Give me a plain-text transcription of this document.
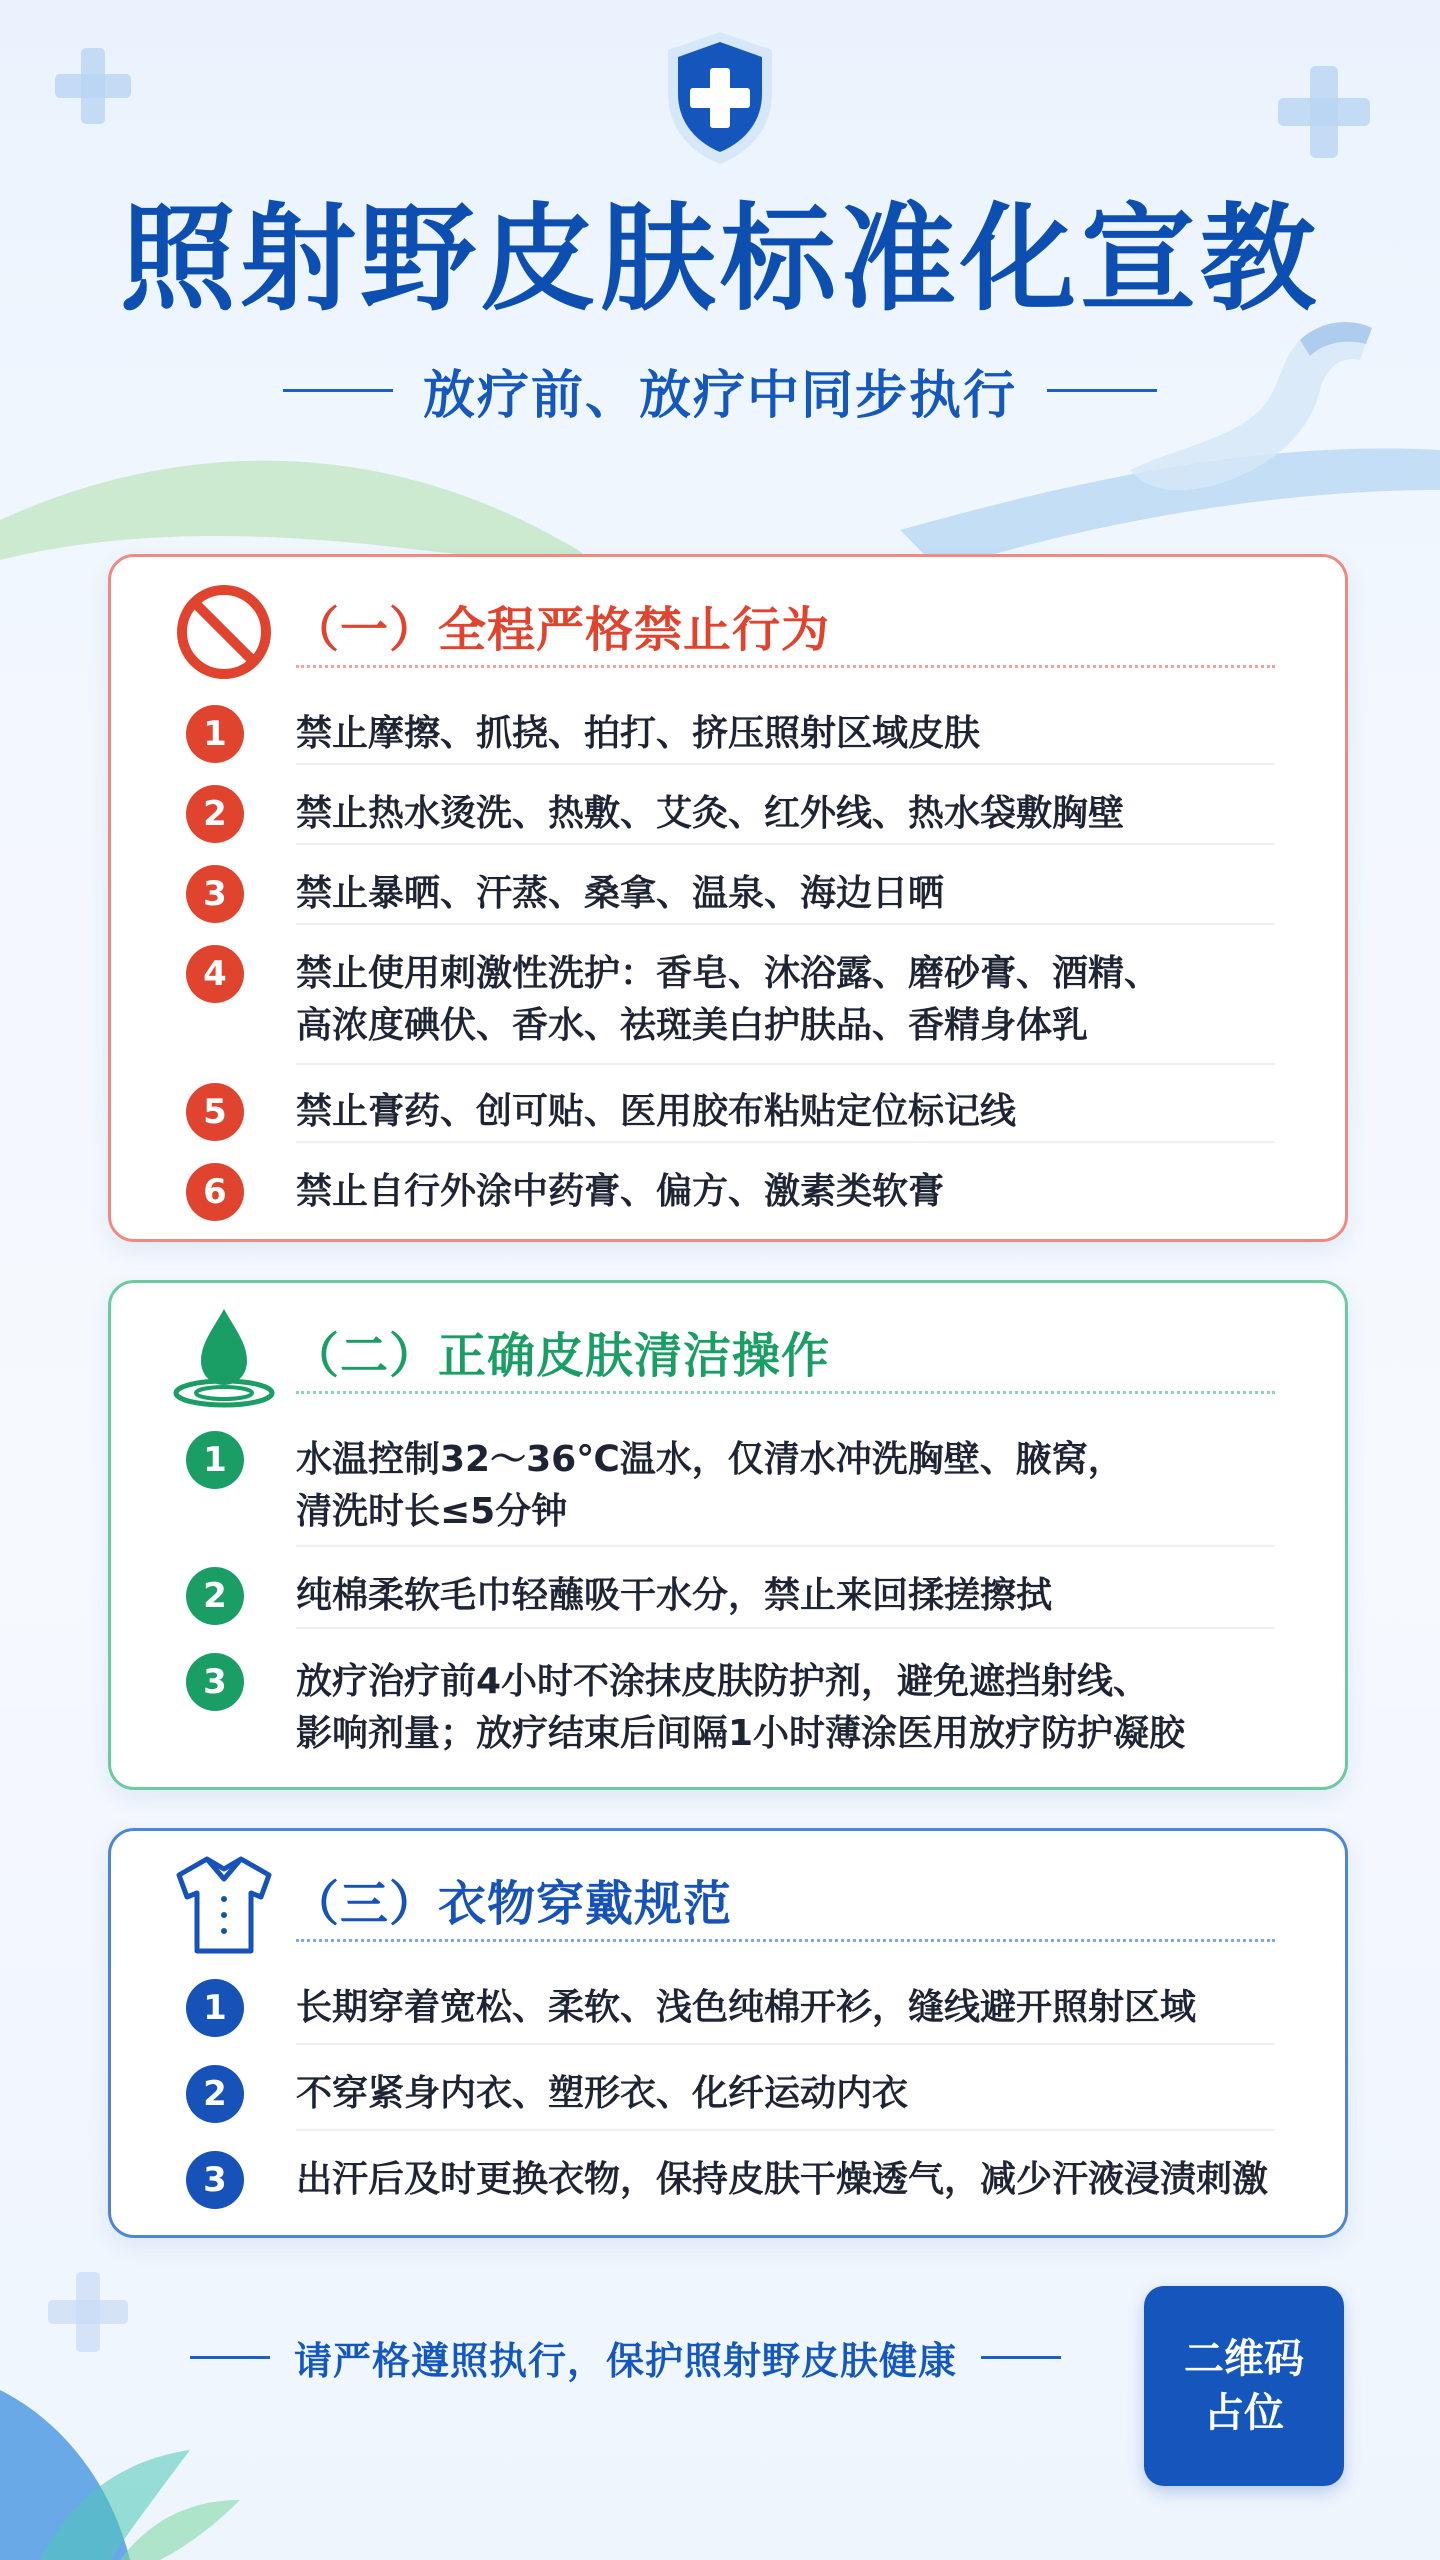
照射野皮肤标准化宣教
放疗前、放疗中同步执行
（一）全程严格禁止行为
1	禁止摩擦、抓挠、拍打、挤压照射区域皮肤
2	禁止热水烫洗、热敷、艾灸、红外线、热水袋敷胸壁
3	禁止暴晒、汗蒸、桑拿、温泉、海边日晒
4	禁止使用刺激性洗护：香皂、沐浴露、磨砂膏、酒精、
高浓度碘伏、香水、祛斑美白护肤品、香精身体乳
5	禁止膏药、创可贴、医用胶布粘贴定位标记线
6	禁止自行外涂中药膏、偏方、激素类软膏
（二）正确皮肤清洁操作
1	水温控制32～36℃温水，仅清水冲洗胸壁、腋窝，
清洗时长≤5分钟
2	纯棉柔软毛巾轻蘸吸干水分，禁止来回揉搓擦拭
3	放疗治疗前4小时不涂抹皮肤防护剂，避免遮挡射线、
影响剂量；放疗结束后间隔1小时薄涂医用放疗防护凝胶
（三）衣物穿戴规范
1	长期穿着宽松、柔软、浅色纯棉开衫，缝线避开照射区域
2	不穿紧身内衣、塑形衣、化纤运动内衣
3	出汗后及时更换衣物，保持皮肤干燥透气，减少汗液浸渍刺激
请严格遵照执行，保护照射野皮肤健康	二维码
占位
